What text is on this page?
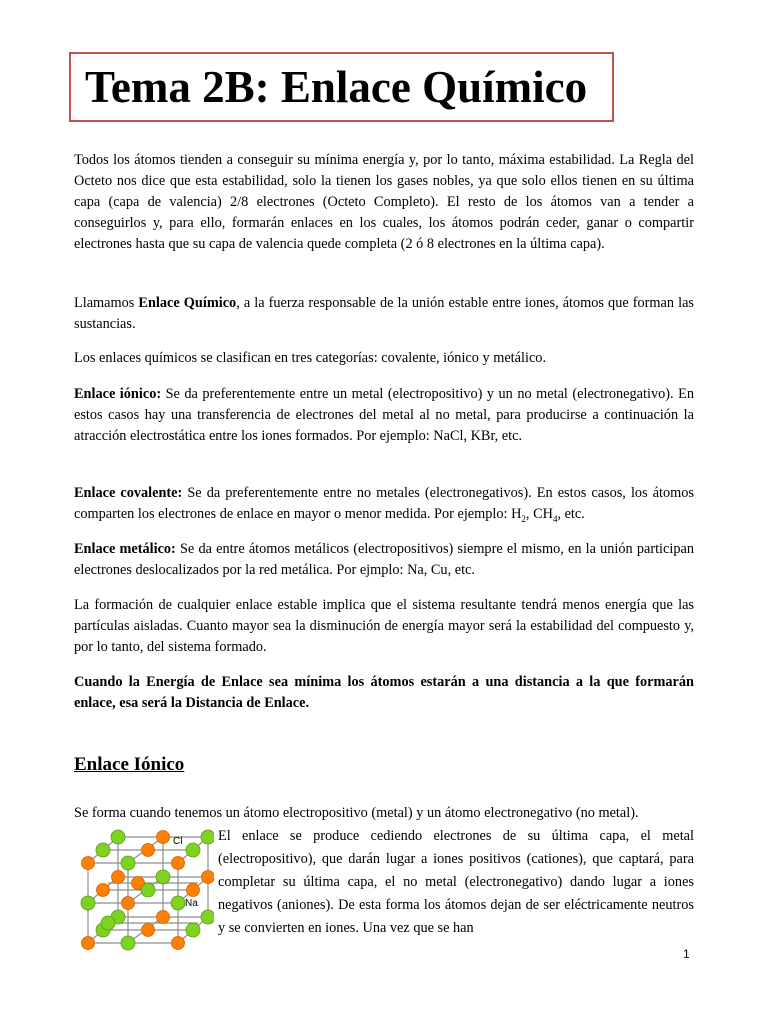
Tema 2B: Enlace Químico

Todos los átomos tienden a conseguir su mínima energía y, por lo tanto, máxima estabilidad. La Regla del Octeto nos dice que esta estabilidad, solo la tienen los gases nobles, ya que solo ellos tienen en su última capa (capa de valencia) 2/8 electrones (Octeto Completo). El resto de los átomos van a tender a conseguirlos y, para ello, formarán enlaces en los cuales, los átomos podrán ceder, ganar o compartir electrones hasta que su capa de valencia quede completa (2 ó 8 electrones en la última capa).

Llamamos Enlace Químico, a la fuerza responsable de la unión estable entre iones, átomos que forman las sustancias.

Los enlaces químicos se clasifican en tres categorías: covalente, iónico y metálico.

Enlace iónico: Se da preferentemente entre un metal (electropositivo) y un no metal (electronegativo). En estos casos hay una transferencia de electrones del metal al no metal, para producirse a continuación la atracción electrostática entre los iones formados. Por ejemplo: NaCl, KBr, etc.

Enlace covalente: Se da preferentemente entre no metales (electronegativos). En estos casos, los átomos comparten los electrones de enlace en mayor o menor medida. Por ejemplo: $H_2$, $CH_4$, etc.

Enlace metálico: Se da entre átomos metálicos (electropositivos) siempre el mismo, en la unión participan electrones deslocalizados por la red metálica. Por ejmplo: Na, Cu, etc.

La formación de cualquier enlace estable implica que el sistema resultante tendrá menos energía que las partículas aisladas. Cuanto mayor sea la disminución de energía mayor será la estabilidad del compuesto y, por lo tanto, del sistema formado.

Cuando la Energía de Enlace sea mínima los átomos estarán a una distancia a la que formarán enlace, esa será la Distancia de Enlace.

Enlace Iónico

Se forma cuando tenemos un átomo electropositivo (metal) y un átomo electronegativo (no metal).

Cl
Na

El enlace se produce cediendo electrones de su última capa, el metal (electropositivo), que darán lugar a iones positivos (cationes), que captará, para completar su última capa, el no metal (electronegativo) dando lugar a iones negativos (aniones). De esta forma los átomos dejan de ser eléctricamente neutros y se convierten en iones. Una vez que se han

1
